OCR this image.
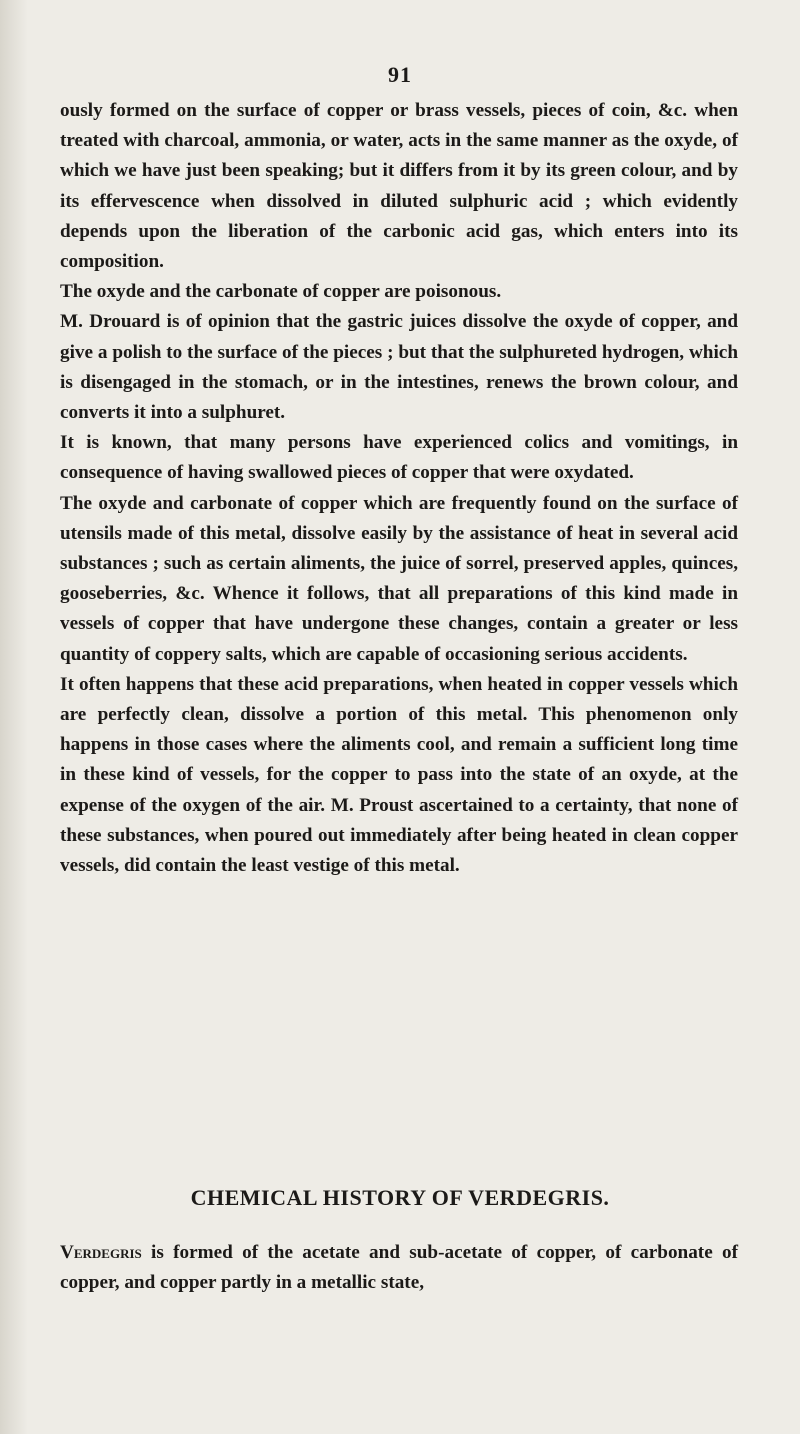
91

ously formed on the surface of copper or brass vessels, pieces of coin, &c. when treated with charcoal, ammonia, or water, acts in the same manner as the oxyde, of which we have just been speaking; but it differs from it by its green colour, and by its effervescence when dissolved in diluted sulphuric acid ; which evidently depends upon the liberation of the carbonic acid gas, which enters into its composition.

The oxyde and the carbonate of copper are poisonous.

M. Drouard is of opinion that the gastric juices dissolve the oxyde of copper, and give a polish to the surface of the pieces ; but that the sulphureted hydrogen, which is disengaged in the stomach, or in the intestines, renews the brown colour, and converts it into a sulphuret.

It is known, that many persons have experienced colics and vomitings, in consequence of having swallowed pieces of copper that were oxydated.

The oxyde and carbonate of copper which are frequently found on the surface of utensils made of this metal, dissolve easily by the assistance of heat in several acid substances ; such as certain aliments, the juice of sorrel, preserved apples, quinces, gooseberries, &c. Whence it follows, that all preparations of this kind made in vessels of copper that have undergone these changes, contain a greater or less quantity of coppery salts, which are capable of occasioning serious accidents.

It often happens that these acid preparations, when heated in copper vessels which are perfectly clean, dissolve a portion of this metal. This phenomenon only happens in those cases where the aliments cool, and remain a sufficient long time in these kind of vessels, for the copper to pass into the state of an oxyde, at the expense of the oxygen of the air. M. Proust ascertained to a certainty, that none of these substances, when poured out immediately after being heated in clean copper vessels, did contain the least vestige of this metal.

CHEMICAL HISTORY OF VERDEGRIS.
Verdegris is formed of the acetate and sub-acetate of copper, of carbonate of copper, and copper partly in a metallic state,
